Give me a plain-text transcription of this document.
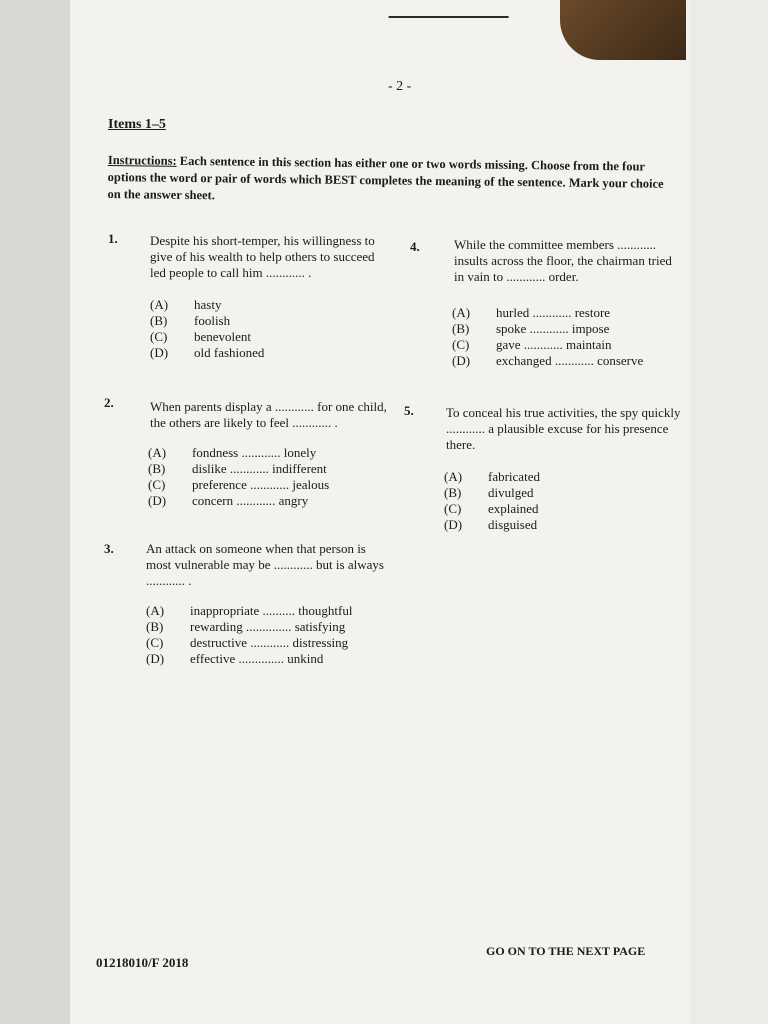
- 2 -
Items 1–5
Instructions: Each sentence in this section has either one or two words missing. Choose from the four options the word or pair of words which BEST completes the meaning of the sentence. Mark your choice on the answer sheet.
1. Despite his short-temper, his willingness to give of his wealth to help others to succeed led people to call him ............ .
(A) hasty
(B) foolish
(C) benevolent
(D) old fashioned
2.	When parents display a ............ for one child, the others are likely to feel ............ .
(A) fondness ............ lonely
(B) dislike ............ indifferent
(C) preference ............ jealous
(D) concern ............ angry
3. An attack on someone when that person is most vulnerable may be ............ but is always ............ .
(A) inappropriate .......... thoughtful
(B) rewarding .............. satisfying
(C) destructive ............ distressing
(D) effective .............. unkind
4.	While the committee members ............ insults across the floor, the chairman tried in vain to ............ order.
(A) hurled ............ restore
(B) spoke ............ impose
(C) gave ............ maintain
(D) exchanged ............ conserve
5. To conceal his true activities, the spy quickly ............ a plausible excuse for his presence there.
(A) fabricated
(B) divulged
(C) explained
(D) disguised
01218010/F 2018
GO ON TO THE NEXT PAGE
